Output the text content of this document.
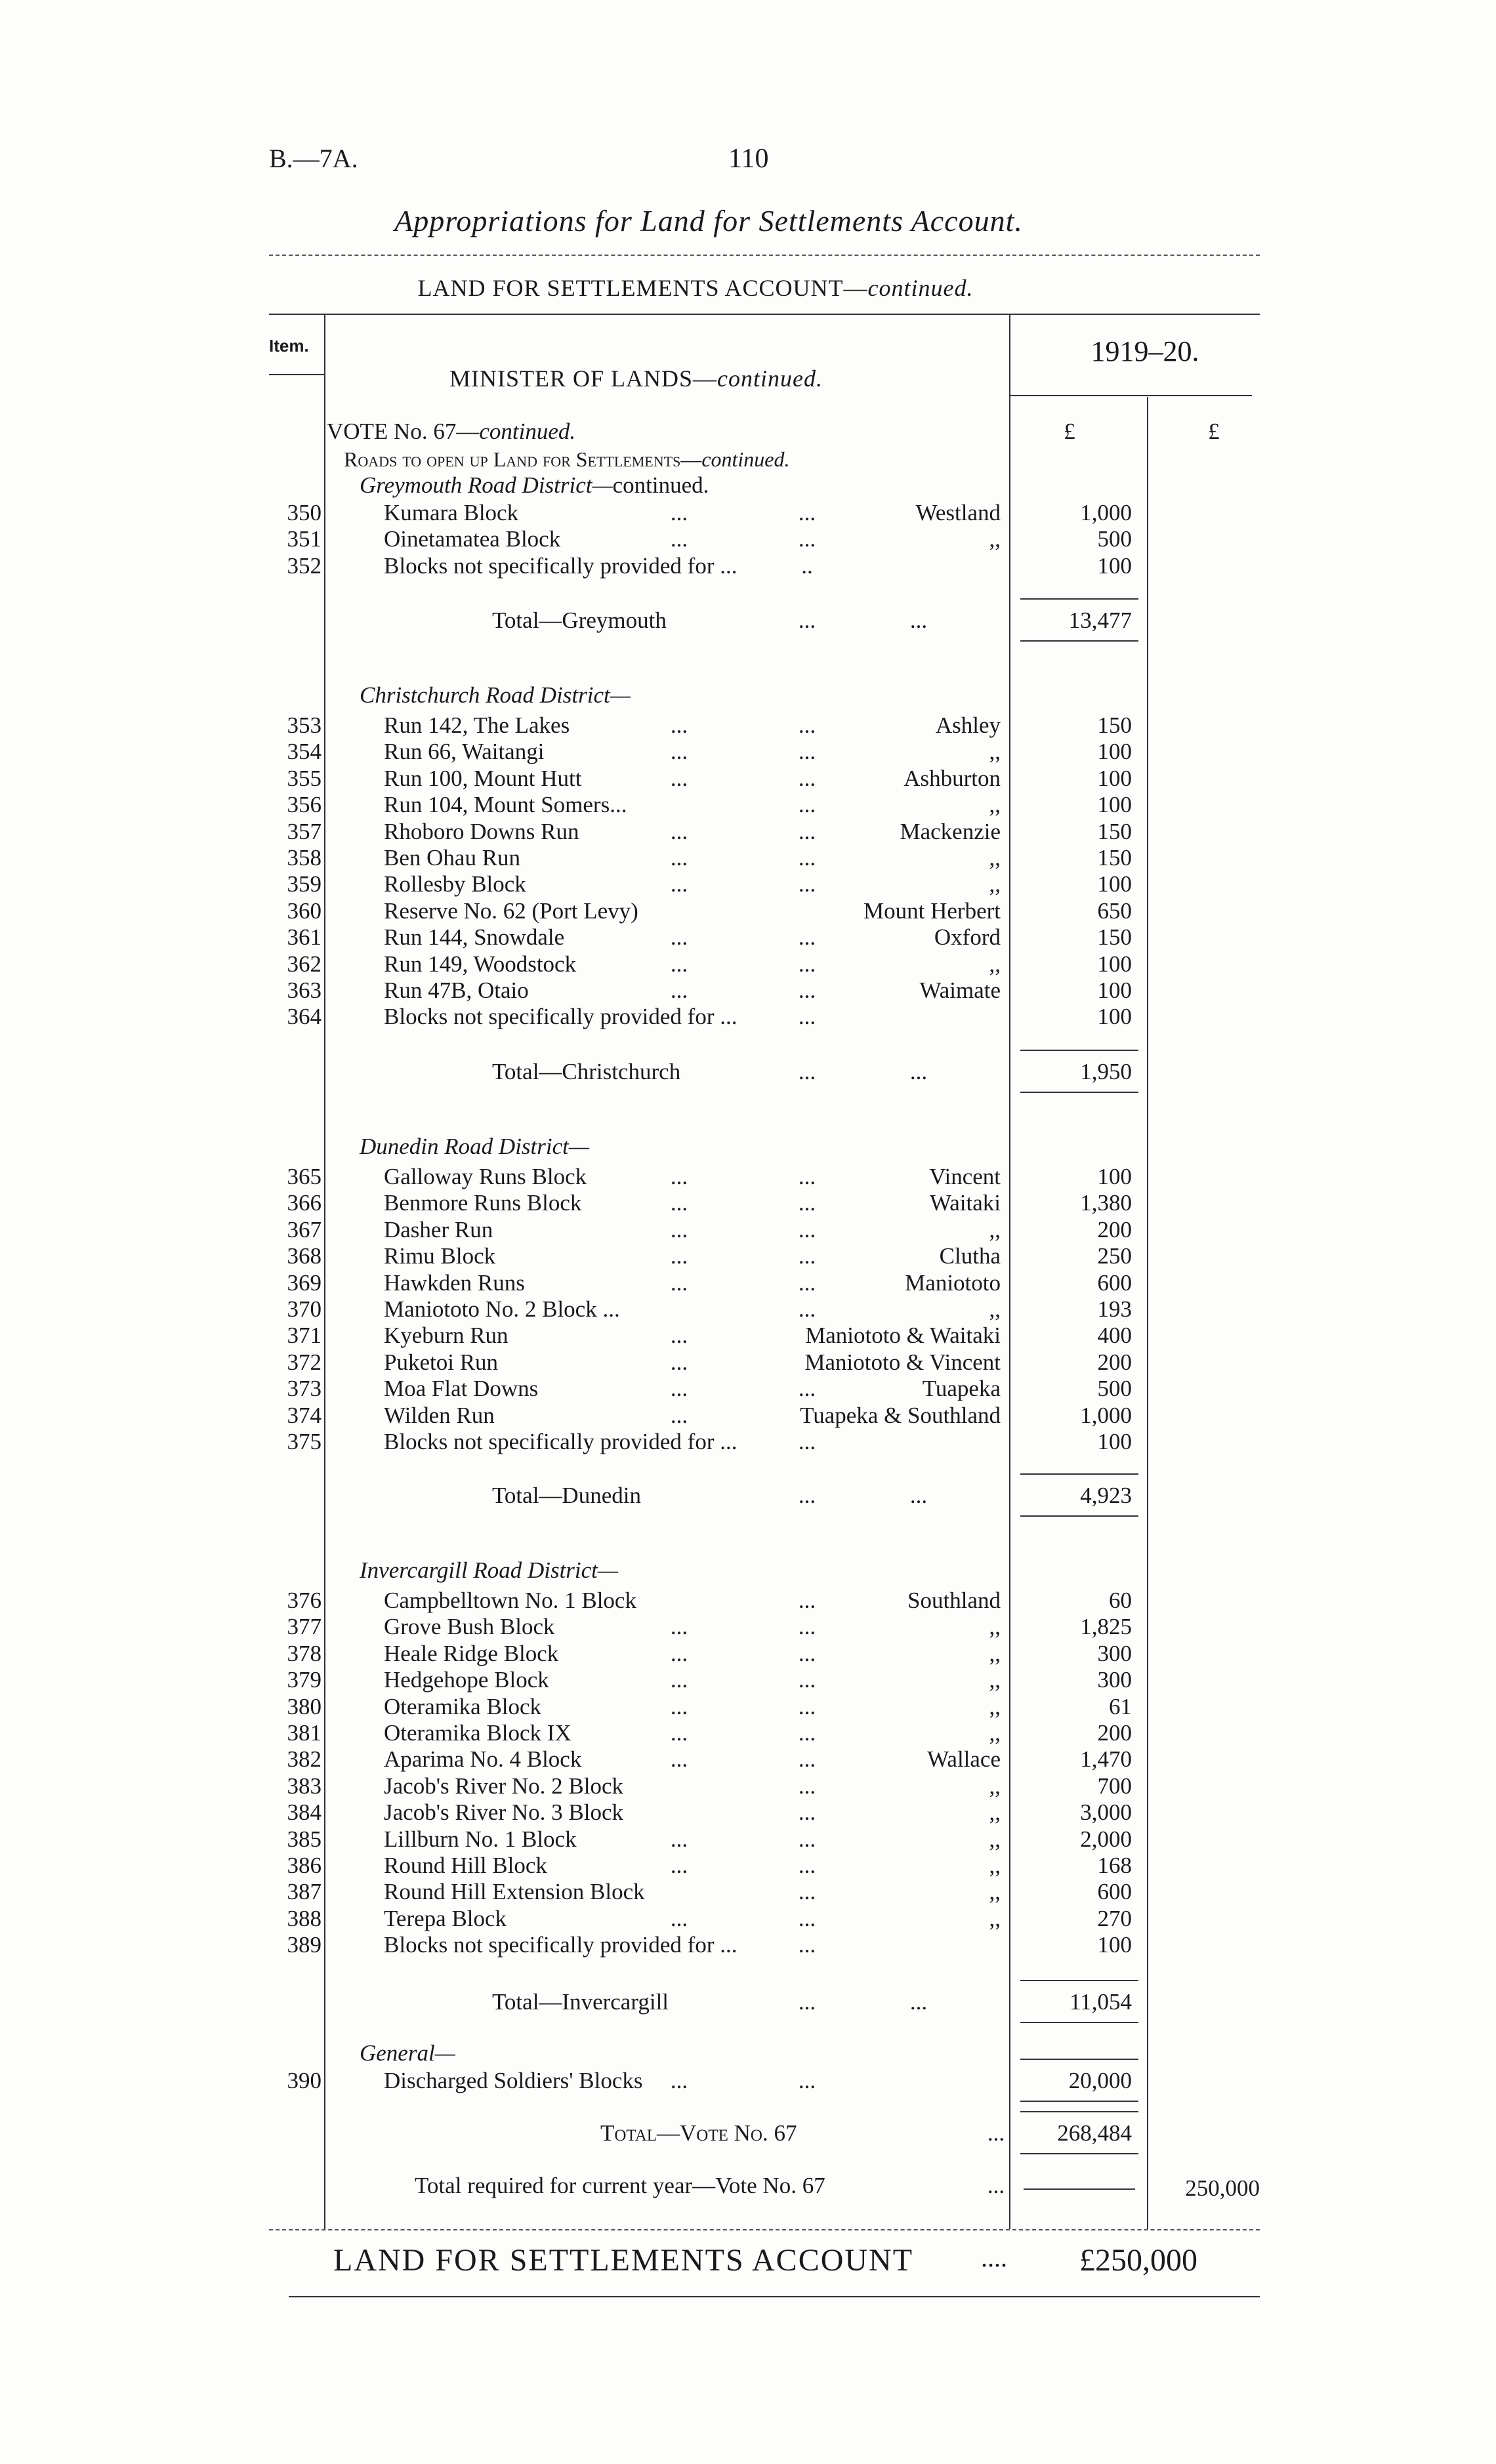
B.—7A.	110
Appropriations for Land for Settlements Account.
LAND FOR SETTLEMENTS ACCOUNT—continued.
Item.	1919–20.
MINISTER OF LANDS—continued.
VOTE No. 67—continued.	£	£
Roads to open up Land for Settlements—continued.
Greymouth Road District—continued.
350	Kumara Block	...	...	Westland	1,000
351	Oinetamatea Block	...	...	,,	500
352	Blocks not specifically provided for ...	..	100
Total—Greymouth	...	...	13,477
Christchurch Road District—
353	Run 142, The Lakes	...	...	Ashley	150
354	Run 66, Waitangi	...	...	,,	100
355	Run 100, Mount Hutt	...	...	Ashburton	100
356	Run 104, Mount Somers...	...	,,	100
357	Rhoboro Downs Run	...	...	Mackenzie	150
358	Ben Ohau Run	...	...	,,	150
359	Rollesby Block	...	...	,,	100
360	Reserve No. 62 (Port Levy)	Mount Herbert	650
361	Run 144, Snowdale	...	...	Oxford	150
362	Run 149, Woodstock	...	...	,,	100
363	Run 47B, Otaio	...	...	Waimate	100
364	Blocks not specifically provided for ...	...	100
Total—Christchurch	...	...	1,950
Dunedin Road District—
365	Galloway Runs Block	...	...	Vincent	100
366	Benmore Runs Block	...	...	Waitaki	1,380
367	Dasher Run	...	...	,,	200
368	Rimu Block	...	...	Clutha	250
369	Hawkden Runs	...	...	Maniototo	600
370	Maniototo No. 2 Block ...	...	,,	193
371	Kyeburn Run	...	Maniototo & Waitaki	400
372	Puketoi Run	...	Maniototo & Vincent	200
373	Moa Flat Downs	...	...	Tuapeka	500
374	Wilden Run	...	Tuapeka & Southland	1,000
375	Blocks not specifically provided for ...	...	100
Total—Dunedin	...	...	4,923
Invercargill Road District—
376	Campbelltown No. 1 Block	...	Southland	60
377	Grove Bush Block	...	...	,,	1,825
378	Heale Ridge Block	...	...	,,	300
379	Hedgehope Block	...	...	,,	300
380	Oteramika Block	...	...	,,	61
381	Oteramika Block IX	...	...	,,	200
382	Aparima No. 4 Block	...	...	Wallace	1,470
383	Jacob's River No. 2 Block	...	,,	700
384	Jacob's River No. 3 Block	...	,,	3,000
385	Lillburn No. 1 Block	...	...	,,	2,000
386	Round Hill Block	...	...	,,	168
387	Round Hill Extension Block	...	,,	600
388	Terepa Block	...	...	,,	270
389	Blocks not specifically provided for ...	...	100
Total—Invercargill	...	...	11,054
General—
390	Discharged Soldiers' Blocks	...	...	20,000
Total—Vote No. 67	...	268,484
Total required for current year—Vote No. 67	...	250,000
LAND FOR SETTLEMENTS ACCOUNT	.... £250,000
